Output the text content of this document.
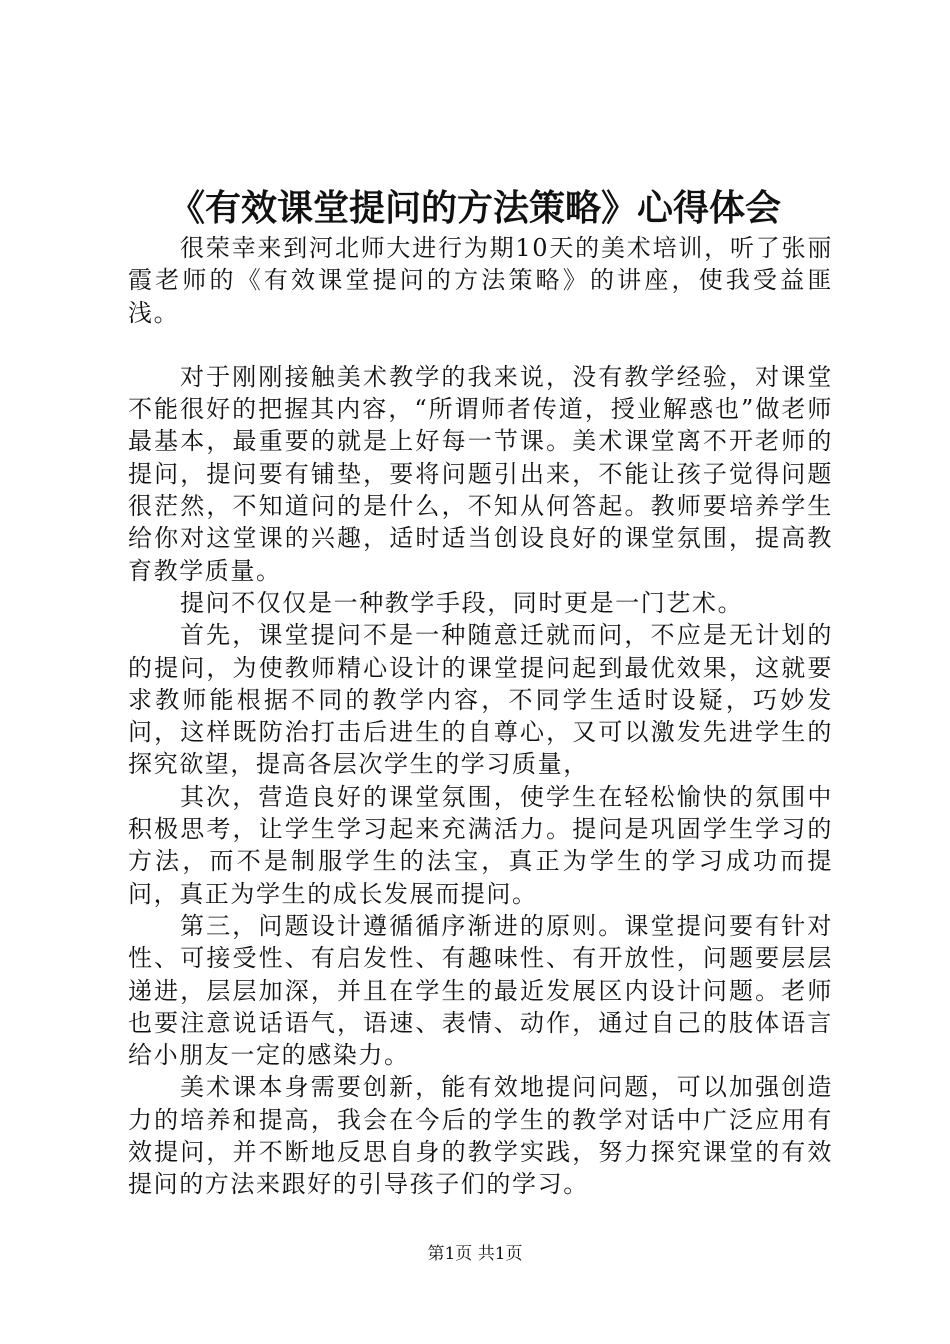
《有效课堂提问的方法策略》心得体会

很荣幸来到河北师大进行为期10天的美术培训，听了张丽霞老师的《有效课堂提问的方法策略》的讲座，使我受益匪浅。

对于刚刚接触美术教学的我来说，没有教学经验，对课堂不能很好的把握其内容，“所谓师者传道，授业解惑也”做老师最基本，最重要的就是上好每一节课。美术课堂离不开老师的提问，提问要有铺垫，要将问题引出来，不能让孩子觉得问题很茫然，不知道问的是什么，不知从何答起。教师要培养学生给你对这堂课的兴趣，适时适当创设良好的课堂氛围，提高教育教学质量。

提问不仅仅是一种教学手段，同时更是一门艺术。

首先，课堂提问不是一种随意迁就而问，不应是无计划的的提问，为使教师精心设计的课堂提问起到最优效果，这就要求教师能根据不同的教学内容，不同学生适时设疑，巧妙发问，这样既防治打击后进生的自尊心，又可以激发先进学生的探究欲望，提高各层次学生的学习质量，

其次，营造良好的课堂氛围，使学生在轻松愉快的氛围中积极思考，让学生学习起来充满活力。提问是巩固学生学习的方法，而不是制服学生的法宝，真正为学生的学习成功而提问，真正为学生的成长发展而提问。

第三，问题设计遵循循序渐进的原则。课堂提问要有针对性、可接受性、有启发性、有趣味性、有开放性，问题要层层递进，层层加深，并且在学生的最近发展区内设计问题。老师也要注意说话语气，语速、表情、动作，通过自己的肢体语言给小朋友一定的感染力。

美术课本身需要创新，能有效地提问问题，可以加强创造力的培养和提高，我会在今后的学生的教学对话中广泛应用有效提问，并不断地反思自身的教学实践，努力探究课堂的有效提问的方法来跟好的引导孩子们的学习。

第1页 共1页
